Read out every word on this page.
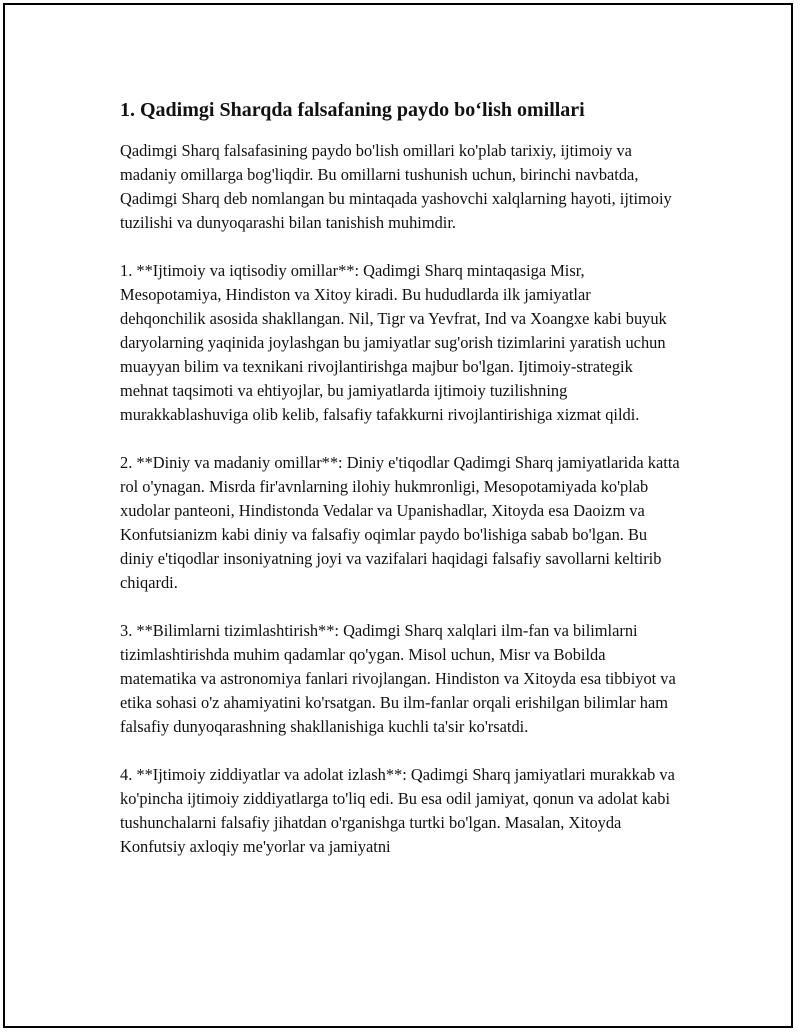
1. Qadimgi Sharqda falsafaning paydo bo‘lish omillari

Qadimgi Sharq falsafasining paydo bo'lish omillari ko'plab tarixiy, ijtimoiy va madaniy omillarga bog'liqdir. Bu omillarni tushunish uchun, birinchi navbatda, Qadimgi Sharq deb nomlangan bu mintaqada yashovchi xalqlarning hayoti, ijtimoiy tuzilishi va dunyoqarashi bilan tanishish muhimdir.

1. **Ijtimoiy va iqtisodiy omillar**: Qadimgi Sharq mintaqasiga Misr, Mesopotamiya, Hindiston va Xitoy kiradi. Bu hududlarda ilk jamiyatlar dehqonchilik asosida shakllangan. Nil, Tigr va Yevfrat, Ind va Xoangxe kabi buyuk daryolarning yaqinida joylashgan bu jamiyatlar sug'orish tizimlarini yaratish uchun muayyan bilim va texnikani rivojlantirishga majbur bo'lgan. Ijtimoiy-strategik mehnat taqsimoti va ehtiyojlar, bu jamiyatlarda ijtimoiy tuzilishning murakkablashuviga olib kelib, falsafiy tafakkurni rivojlantirishiga xizmat qildi.

2. **Diniy va madaniy omillar**: Diniy e'tiqodlar Qadimgi Sharq jamiyatlarida katta rol o'ynagan. Misrda fir'avnlarning ilohiy hukmronligi, Mesopotamiyada ko'plab xudolar panteoni, Hindistonda Vedalar va Upanishadlar, Xitoyda esa Daoizm va Konfutsianizm kabi diniy va falsafiy oqimlar paydo bo'lishiga sabab bo'lgan. Bu diniy e'tiqodlar insoniyatning joyi va vazifalari haqidagi falsafiy savollarni keltirib chiqardi.

3. **Bilimlarni tizimlashtirish**: Qadimgi Sharq xalqlari ilm-fan va bilimlarni tizimlashtirishda muhim qadamlar qo'ygan. Misol uchun, Misr va Bobilda matematika va astronomiya fanlari rivojlangan. Hindiston va Xitoyda esa tibbiyot va etika sohasi o'z ahamiyatini ko'rsatgan. Bu ilm-fanlar orqali erishilgan bilimlar ham falsafiy dunyoqarashning shakllanishiga kuchli ta'sir ko'rsatdi.

4. **Ijtimoiy ziddiyatlar va adolat izlash**: Qadimgi Sharq jamiyatlari murakkab va ko'pincha ijtimoiy ziddiyatlarga to'liq edi. Bu esa odil jamiyat, qonun va adolat kabi tushunchalarni falsafiy jihatdan o'rganishga turtki bo'lgan. Masalan, Xitoyda Konfutsiy axloqiy me'yorlar va jamiyatni
